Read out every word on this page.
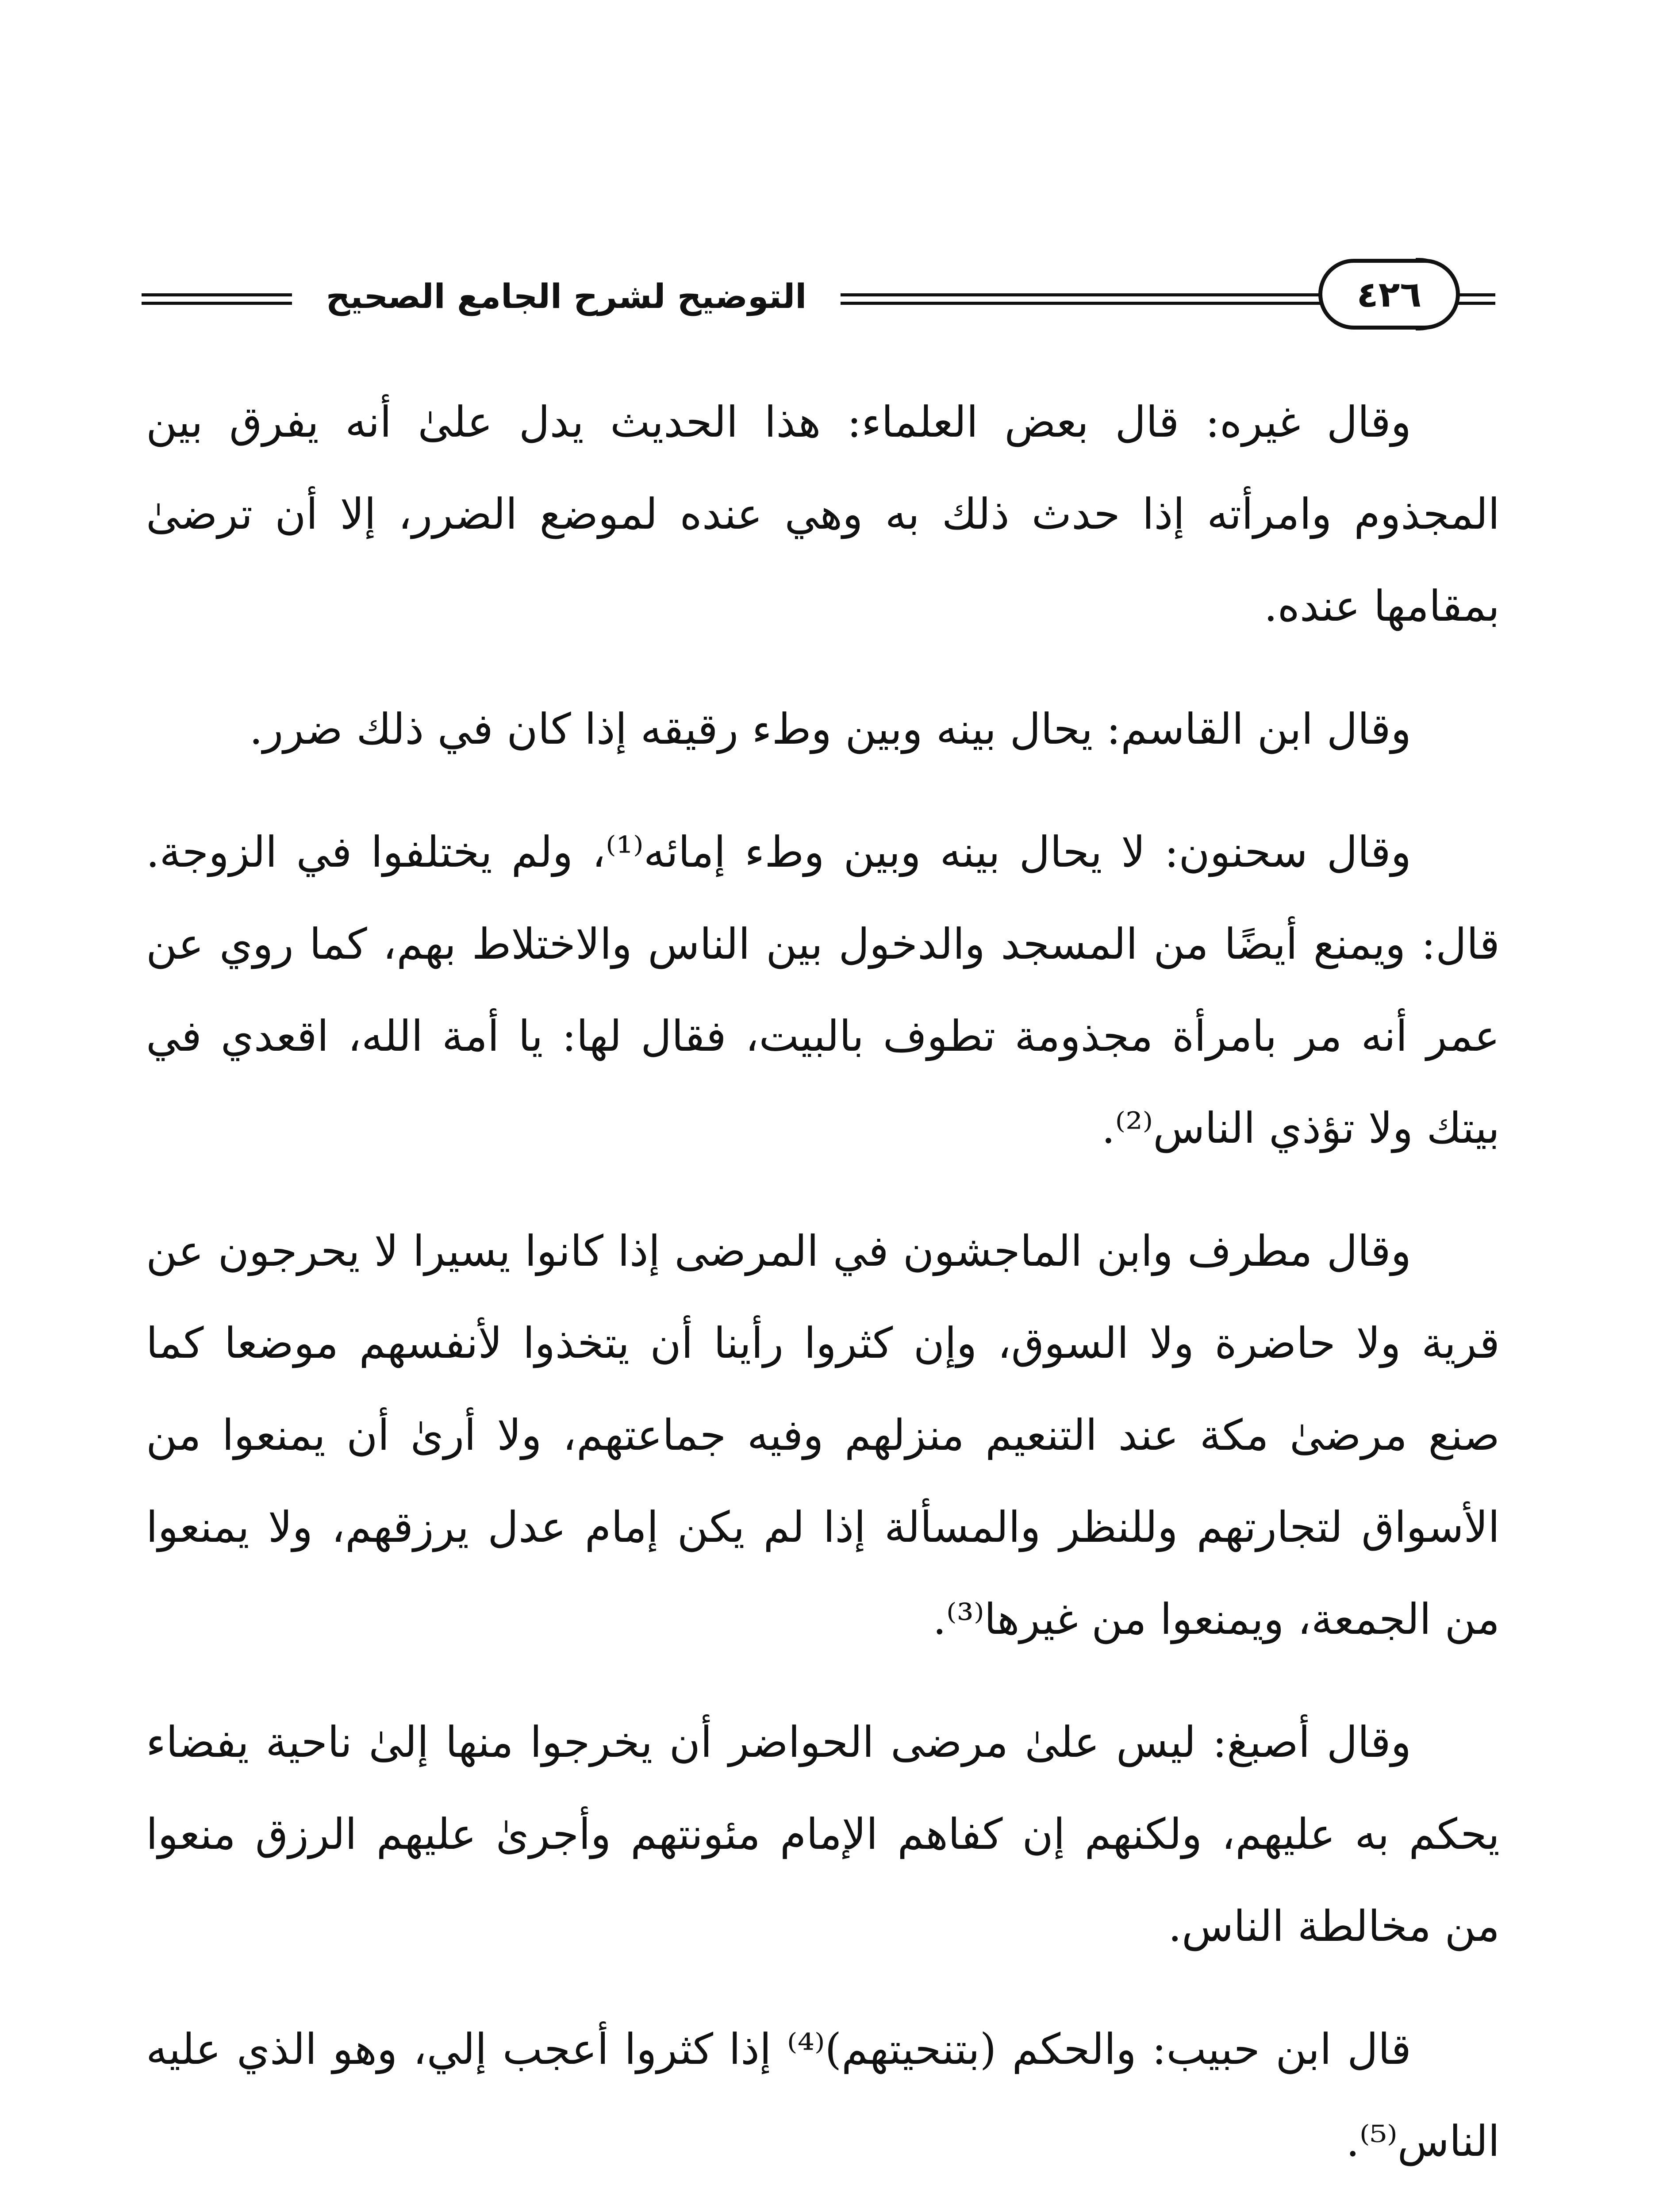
التوضيح لشرح الجامع الصحيح	٤٢٦

وقال غيره: قال بعض العلماء: هذا الحديث يدل علىٰ أنه يفرق بين المجذوم وامرأته إذا حدث ذلك به وهي عنده لموضع الضرر، إلا أن ترضىٰ بمقامها عنده.

وقال ابن القاسم: يحال بينه وبين وطء رقيقه إذا كان في ذلك ضرر.

وقال سحنون: لا يحال بينه وبين وطء إمائه⁽¹⁾، ولم يختلفوا في الزوجة. قال: ويمنع أيضًا من المسجد والدخول بين الناس والاختلاط بهم، كما روي عن عمر أنه مر بامرأة مجذومة تطوف بالبيت، فقال لها: يا أمة الله، اقعدي في بيتك ولا تؤذي الناس⁽²⁾.

وقال مطرف وابن الماجشون في المرضى إذا كانوا يسيرا لا يحرجون عن قرية ولا حاضرة ولا السوق، وإن كثروا رأينا أن يتخذوا لأنفسهم موضعا كما صنع مرضىٰ مكة عند التنعيم منزلهم وفيه جماعتهم، ولا أرىٰ أن يمنعوا من الأسواق لتجارتهم وللنظر والمسألة إذا لم يكن إمام عدل يرزقهم، ولا يمنعوا من الجمعة، ويمنعوا من غيرها⁽³⁾.

وقال أصبغ: ليس علىٰ مرضى الحواضر أن يخرجوا منها إلىٰ ناحية يفضاء يحكم به عليهم، ولكنهم إن كفاهم الإمام مئونتهم وأجرىٰ عليهم الرزق منعوا من مخالطة الناس.

قال ابن حبيب: والحكم (بتنحيتهم)⁽⁴⁾ إذا كثروا أعجب إلي، وهو الذي عليه الناس⁽⁵⁾.
